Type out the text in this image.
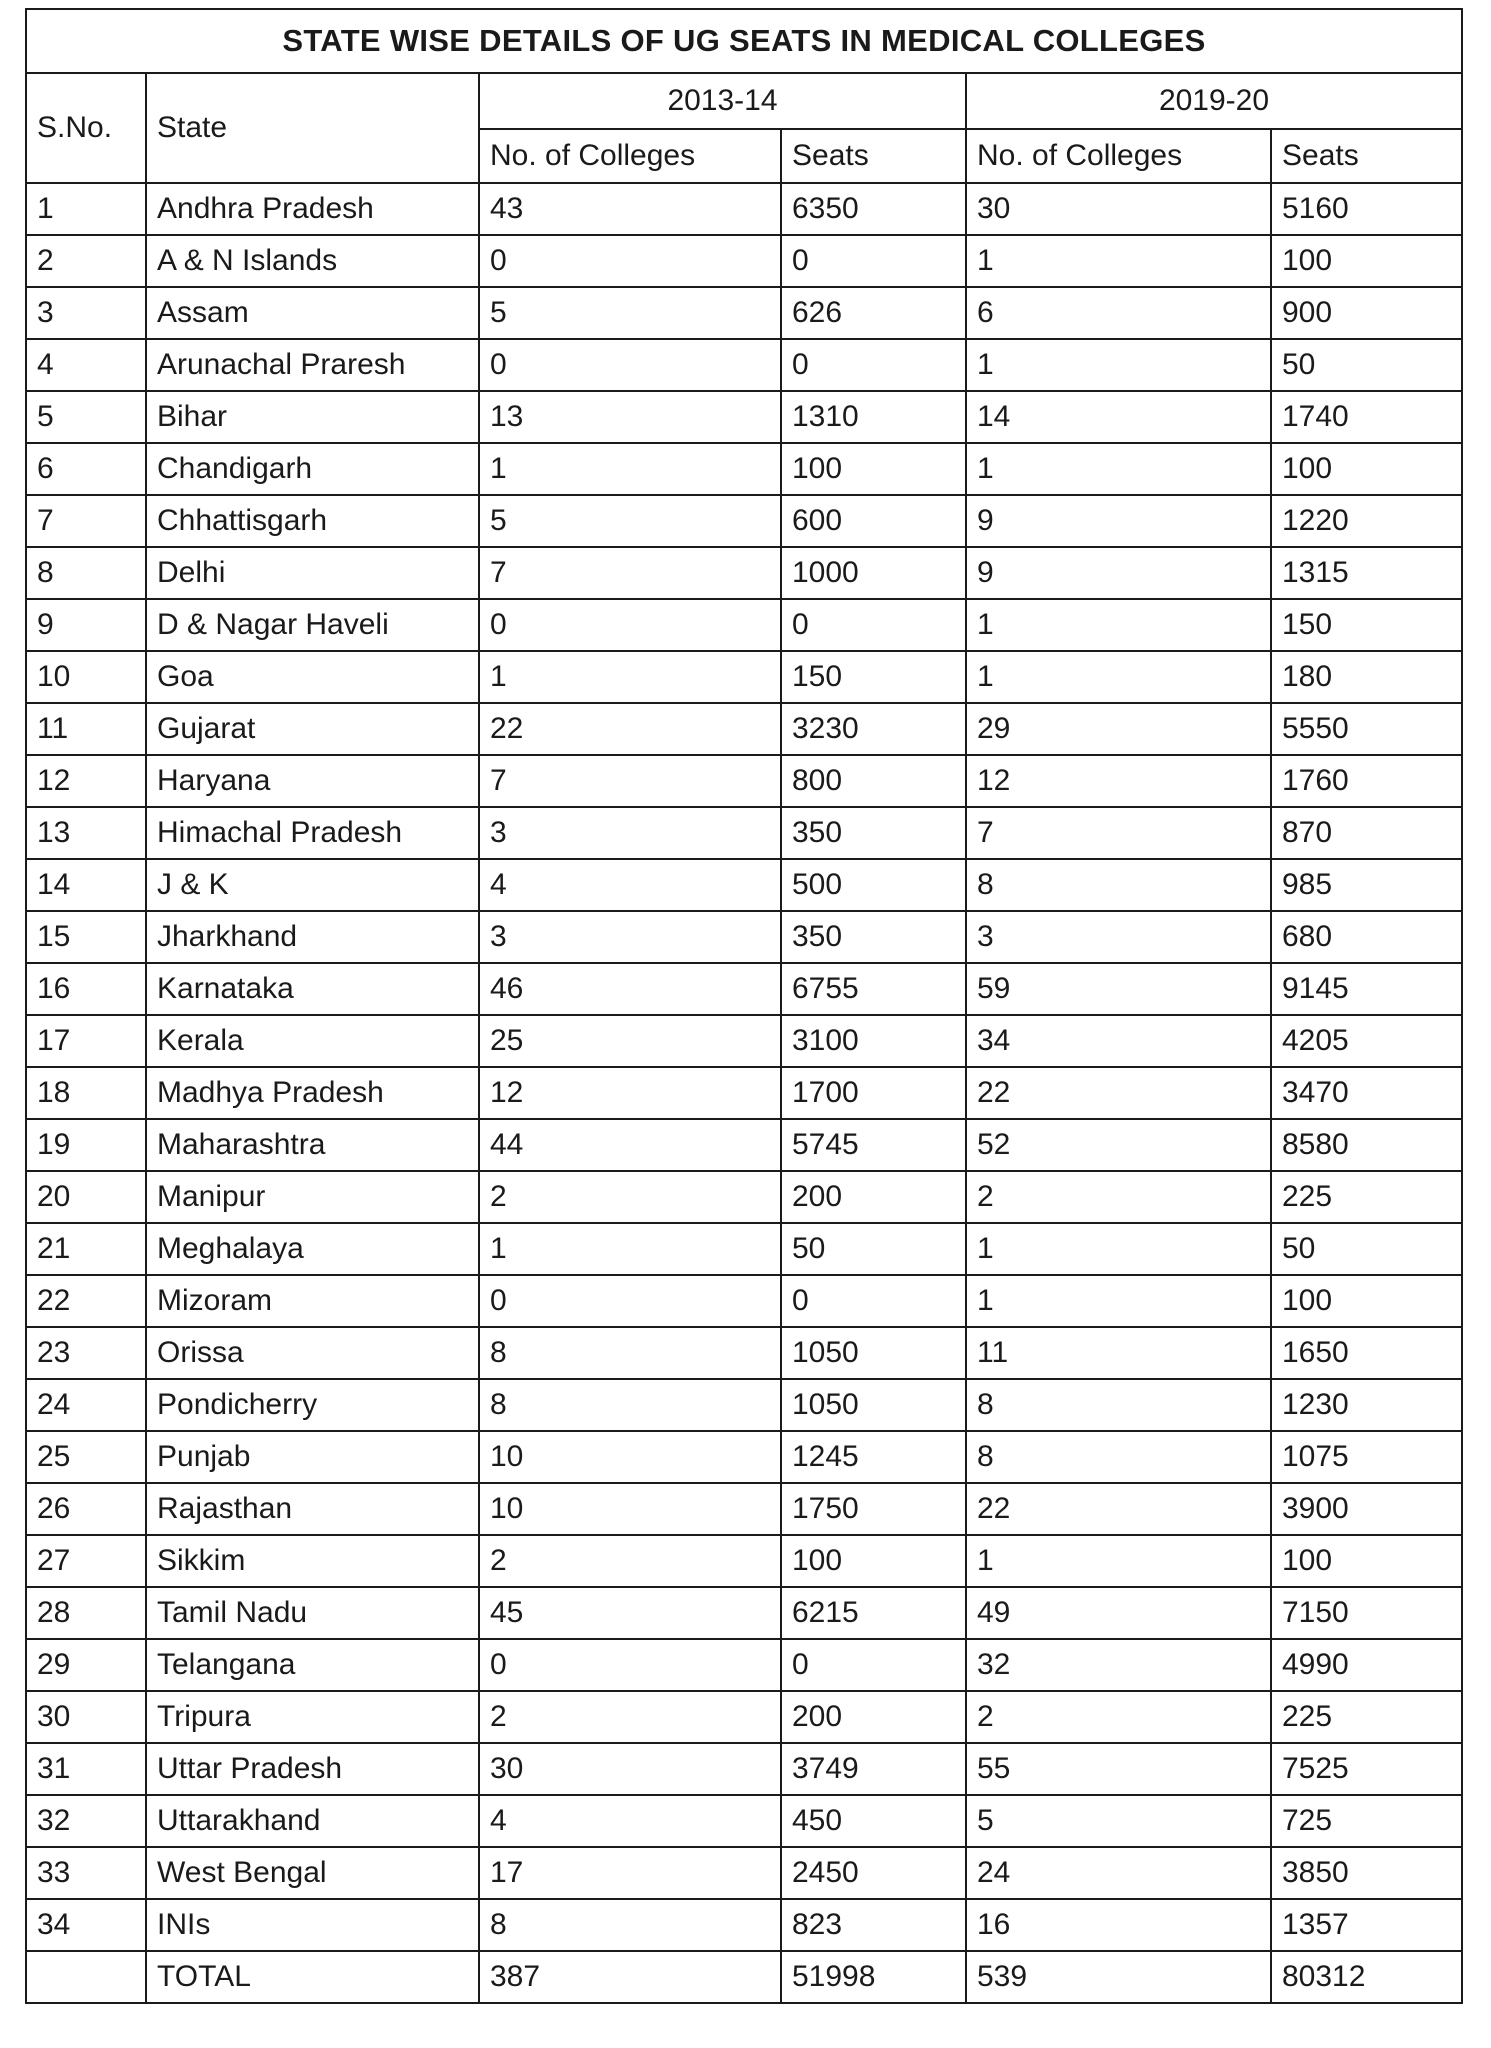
STATE WISE DETAILS OF UG SEATS IN MEDICAL COLLEGES					
S.No.	State	2013-14		2019-20	
		No. of Colleges	Seats	No. of Colleges	Seats
1	Andhra Pradesh	43	6350	30	5160
2	A & N Islands	0	0	1	100
3	Assam	5	626	6	900
4	Arunachal Praresh	0	0	1	50
5	Bihar	13	1310	14	1740
6	Chandigarh	1	100	1	100
7	Chhattisgarh	5	600	9	1220
8	Delhi	7	1000	9	1315
9	D & Nagar Haveli	0	0	1	150
10	Goa	1	150	1	180
11	Gujarat	22	3230	29	5550
12	Haryana	7	800	12	1760
13	Himachal Pradesh	3	350	7	870
14	J & K	4	500	8	985
15	Jharkhand	3	350	3	680
16	Karnataka	46	6755	59	9145
17	Kerala	25	3100	34	4205
18	Madhya Pradesh	12	1700	22	3470
19	Maharashtra	44	5745	52	8580
20	Manipur	2	200	2	225
21	Meghalaya	1	50	1	50
22	Mizoram	0	0	1	100
23	Orissa	8	1050	11	1650
24	Pondicherry	8	1050	8	1230
25	Punjab	10	1245	8	1075
26	Rajasthan	10	1750	22	3900
27	Sikkim	2	100	1	100
28	Tamil Nadu	45	6215	49	7150
29	Telangana	0	0	32	4990
30	Tripura	2	200	2	225
31	Uttar Pradesh	30	3749	55	7525
32	Uttarakhand	4	450	5	725
33	West Bengal	17	2450	24	3850
34	INIs	8	823	16	1357
	TOTAL	387	51998	539	80312
